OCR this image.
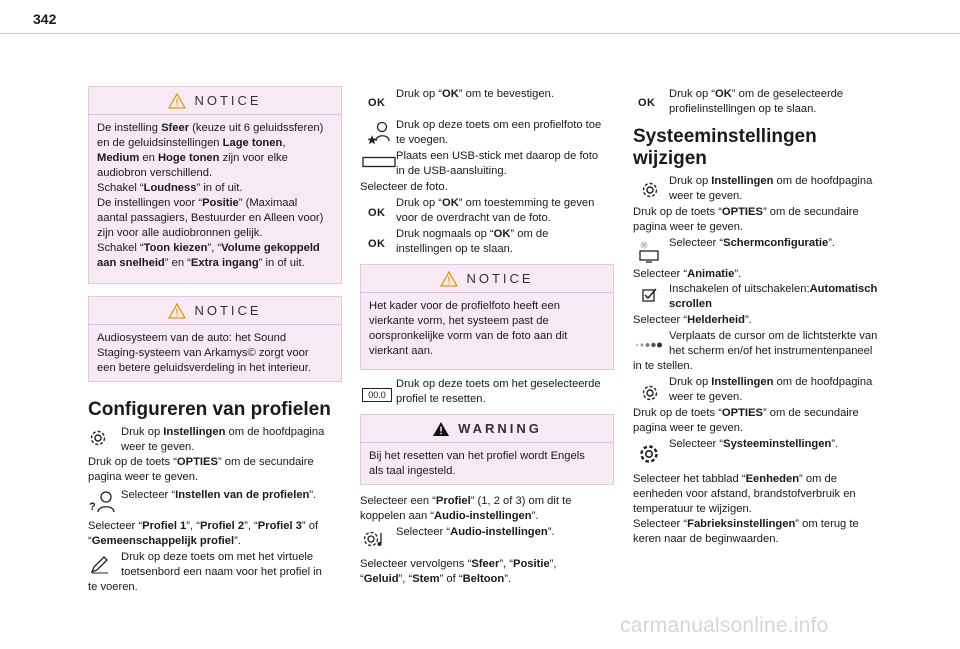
342
NOTICE
De instelling Sfeer (keuze uit 6 geluidssferen)
en de geluidsinstellingen Lage tonen,
Medium en Hoge tonen zijn voor elke
audiobron verschillend.
Schakel “Loudness” in of uit.
De instellingen voor “Positie” (Maximaal
aantal passagiers, Bestuurder en Alleen voor)
zijn voor alle audiobronnen gelijk.
Schakel “Toon kiezen”, “Volume gekoppeld
aan snelheid” en “Extra ingang” in of uit.
NOTICE
Audiosysteem van de auto: het Sound
Staging-systeem van Arkamys© zorgt voor
een betere geluidsverdeling in het interieur.
Configureren van profielen
Druk op Instellingen om de hoofdpagina
weer te geven.
Druk op de toets “OPTIES” om de secundaire
pagina weer te geven.
?
Selecteer “Instellen van de profielen”.
Selecteer “Profiel 1”, “Profiel 2”, “Profiel 3” of
“Gemeenschappelijk profiel”.
Druk op deze toets om met het virtuele
toetsenbord een naam voor het profiel in
te voeren.
OK
Druk op “OK” om te bevestigen.
Druk op deze toets om een profielfoto toe
te voegen.
Plaats een USB-stick met daarop de foto
in de USB-aansluiting.
Selecteer de foto.
OK
Druk op “OK” om toestemming te geven
voor de overdracht van de foto.
OK
Druk nogmaals op “OK” om de
instellingen op te slaan.
NOTICE
Het kader voor de profielfoto heeft een
vierkante vorm, het systeem past de
oorspronkelijke vorm van de foto aan dit
vierkant aan.
00.0
Druk op deze toets om het geselecteerde
profiel te resetten.
WARNING
Bij het resetten van het profiel wordt Engels
als taal ingesteld.
Selecteer een “Profiel” (1, 2 of 3) om dit te
koppelen aan “Audio-instellingen”.
Selecteer “Audio-instellingen”.
Selecteer vervolgens “Sfeer”, “Positie”,
“Geluid”, “Stem” of “Beltoon”.
OK
Druk op “OK” om de geselecteerde
profielinstellingen op te slaan.
Systeeminstellingen
wijzigen
Druk op Instellingen om de hoofdpagina
weer te geven.
Druk op de toets “OPTIES” om de secundaire
pagina weer te geven.
Selecteer “Schermconfiguratie”.
Selecteer “Animatie”.
Inschakelen of uitschakelen:Automatisch
scrollen
Selecteer “Helderheid”.
Verplaats de cursor om de lichtsterkte van
het scherm en/of het instrumentenpaneel
in te stellen.
Druk op Instellingen om de hoofdpagina
weer te geven.
Druk op de toets “OPTIES” om de secundaire
pagina weer te geven.
Selecteer “Systeeminstellingen”.
Selecteer het tabblad “Eenheden” om de
eenheden voor afstand, brandstofverbruik en
temperatuur te wijzigen.
Selecteer “Fabrieksinstellingen” om terug te
keren naar de beginwaarden.
carmanualsonline.info
